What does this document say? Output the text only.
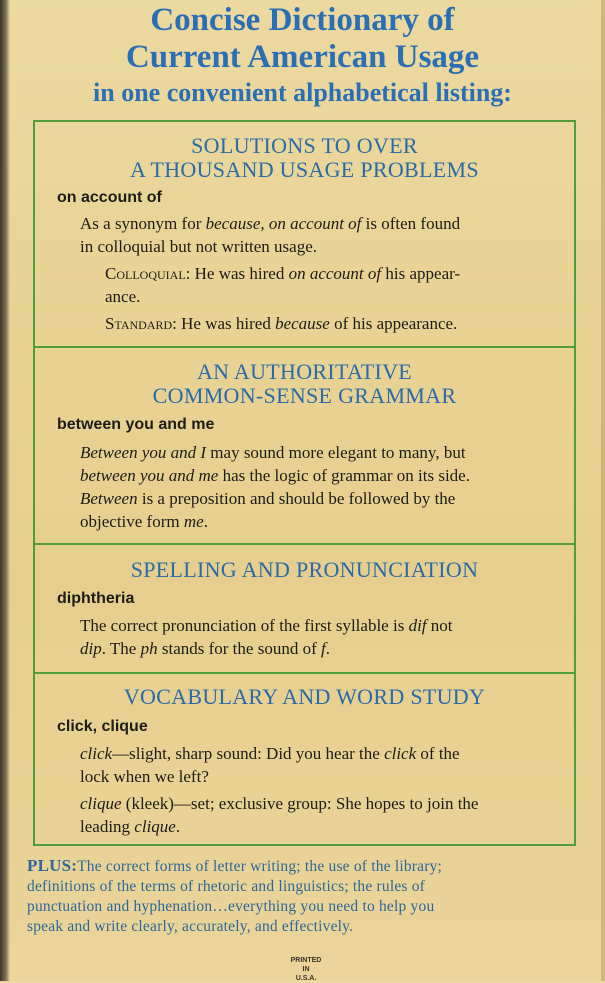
Concise Dictionary of
Current American Usage
in one convenient alphabetical listing:
SOLUTIONS TO OVER
A THOUSAND USAGE PROBLEMS
on account of

As a synonym for because, on account of is often found
in colloquial but not written usage.

Colloquial: He was hired on account of his appear-
ance.

Standard: He was hired because of his appearance.

AN AUTHORITATIVE
COMMON-SENSE GRAMMAR
between you and me

Between you and I may sound more elegant to many, but
between you and me has the logic of grammar on its side.
Between is a preposition and should be followed by the
objective form me.

SPELLING AND PRONUNCIATION
diphtheria

The correct pronunciation of the first syllable is dif not
dip. The ph stands for the sound of f.

VOCABULARY AND WORD STUDY
click, clique

click—slight, sharp sound: Did you hear the click of the
lock when we left?

clique (kleek)—set; exclusive group: She hopes to join the
leading clique.

PLUS:The correct forms of letter writing; the use of the library;
definitions of the terms of rhetoric and linguistics; the rules of
punctuation and hyphenation…everything you need to help you
speak and write clearly, accurately, and effectively.
PRINTED
IN
U.S.A.
